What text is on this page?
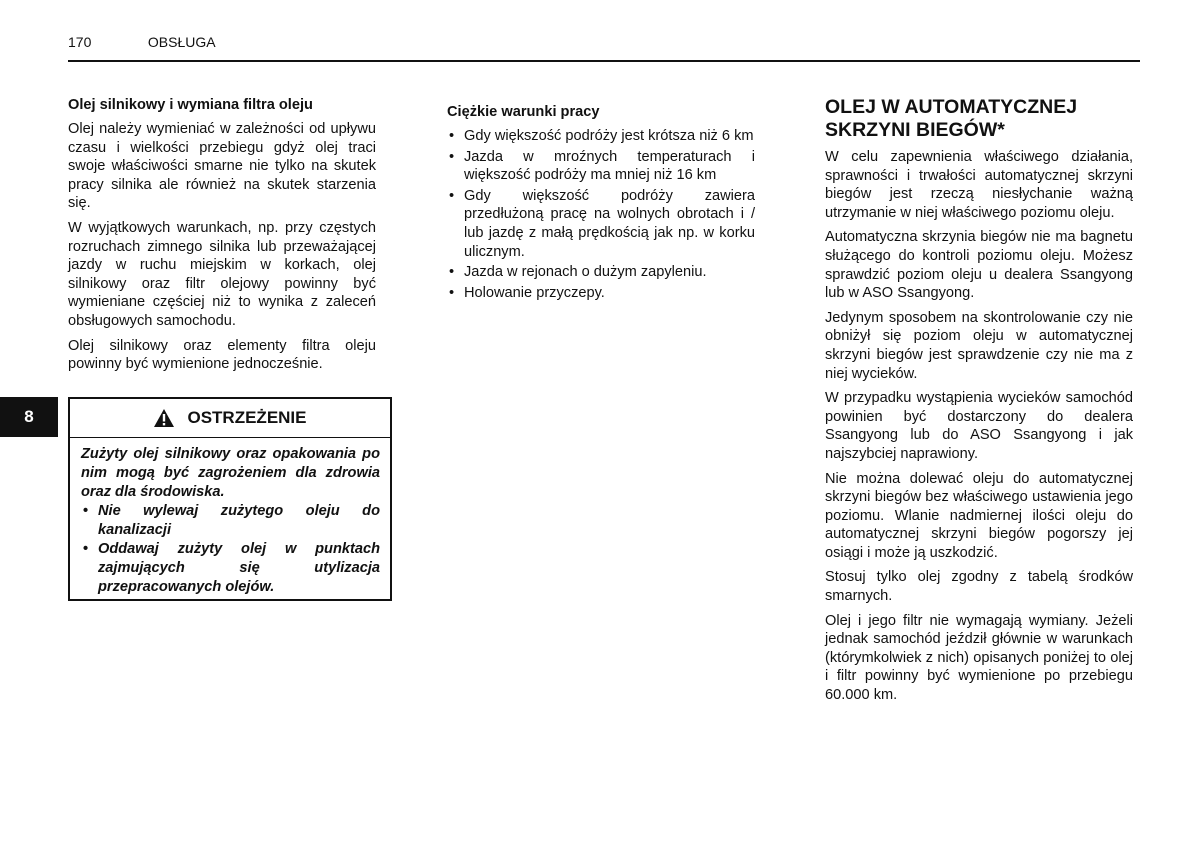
170	OBSŁUGA
8
Olej silnikowy i wymiana filtra oleju

Olej należy wymieniać w zależności od upływu czasu i wielkości przebiegu gdyż olej traci swoje właściwości smarne nie tylko na skutek pracy silnika ale również na skutek starzenia się.

W wyjątkowych warunkach, np. przy częstych rozruchach zimnego silnika lub przeważającej jazdy w ruchu miejskim w korkach, olej silnikowy oraz filtr olejowy powinny być wymieniane częściej niż to wynika z zaleceń obsługowych samochodu.

Olej silnikowy oraz elementy filtra oleju powinny być wymienione jednocześnie.

OSTRZEŻENIE

Zużyty olej silnikowy oraz opakowania po nim mogą być zagrożeniem dla zdrowia oraz dla środowiska.

• Nie wylewaj zużytego oleju do kanalizacji
• Oddawaj zużyty olej w punktach zajmujących się utylizacja przepracowanych olejów.
Ciężkie warunki pracy
• Gdy większość podróży jest krótsza niż 6 km
• Jazda w mroźnych temperaturach i większość podróży ma mniej niż 16 km
• Gdy większość podróży zawiera przedłużoną pracę na wolnych obrotach i / lub jazdę z małą prędkością jak np. w korku ulicznym.
• Jazda w rejonach o dużym zapyleniu.
• Holowanie przyczepy.
OLEJ W AUTOMATYCZNEJ SKRZYNI BIEGÓW*

W celu zapewnienia właściwego działania, sprawności i trwałości automatycznej skrzyni biegów jest rzeczą niesłychanie ważną utrzymanie w niej właściwego poziomu oleju.

Automatyczna skrzynia biegów nie ma bagnetu służącego do kontroli poziomu oleju. Możesz sprawdzić poziom oleju u dealera Ssangyong lub w ASO Ssangyong.

Jedynym sposobem na skontrolowanie czy nie obniżył się poziom oleju w automatycznej skrzyni biegów jest sprawdzenie czy nie ma z niej wycieków.

W przypadku wystąpienia wycieków samochód powinien być dostarczony do dealera Ssangyong lub do ASO Ssangyong i jak najszybciej naprawiony.

Nie można dolewać oleju do automatycznej skrzyni biegów bez właściwego ustawienia jego poziomu. Wlanie nadmiernej ilości oleju do automatycznej skrzyni biegów pogorszy jej osiągi i może ją uszkodzić.

Stosuj tylko olej zgodny z tabelą środków smarnych.

Olej i jego filtr nie wymagają wymiany. Jeżeli jednak samochód jeździł głównie w warunkach (którymkolwiek z nich) opisanych poniżej to olej i filtr powinny być wymienione po przebiegu 60.000 km.
